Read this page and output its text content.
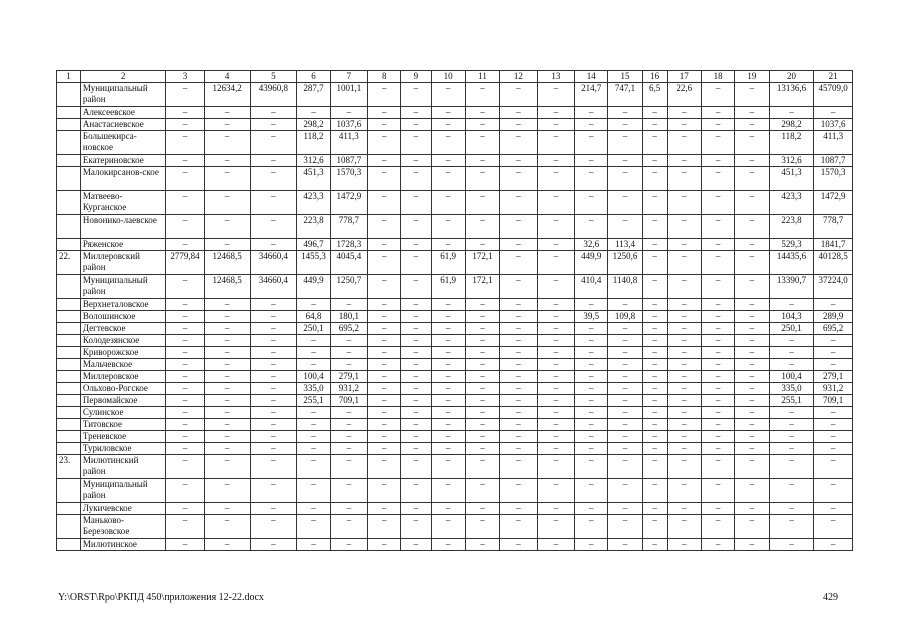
1	2	3	4	5	6	7	8	9	10	11	12	13	14	15	16	17	18	19	20	21
	Муниципальный район	–	12634,2	43960,8	287,7	1001,1	–	–	–	–	–	–	214,7	747,1	6,5	22,6	–	–	13136,6	45709,0
	Алексеевское	–	–	–	–	–	–	–	–	–	–	–	–	–	–	–	–	–	–	–
	Анастасиевское	–	–	–	298,2	1037,6	–	–	–	–	–	–	–	–	–	–	–	–	298,2	1037,6
	Большекирса-новское	–	–	–	118,2	411,3	–	–	–	–	–	–	–	–	–	–	–	–	118,2	411,3
	Екатериновское	–	–	–	312,6	1087,7	–	–	–	–	–	–	–	–	–	–	–	–	312,6	1087,7
	Малокирсанов-ское	–	–	–	451,3	1570,3	–	–	–	–	–	–	–	–	–	–	–	–	451,3	1570,3
	Матвеево-Курганское	–	–	–	423,3	1472,9	–	–	–	–	–	–	–	–	–	–	–	–	423,3	1472,9
	Новонико-лаевское	–	–	–	223,8	778,7	–	–	–	–	–	–	–	–	–	–	–	–	223,8	778,7
	Ряженское	–	–	–	496,7	1728,3	–	–	–	–	–	–	32,6	113,4	–	–	–	–	529,3	1841,7
22.	Миллеровский район	2779,84	12468,5	34660,4	1455,3	4045,4	–	–	61,9	172,1	–	–	449,9	1250,6	–	–	–	–	14435,6	40128,5
	Муниципальный район	–	12468,5	34660,4	449,9	1250,7	–	–	61,9	172,1	–	–	410,4	1140,8	–	–	–	–	13390,7	37224,0
	Верхнеталовское	–	–	–	–	–	–	–	–	–	–	–	–	–	–	–	–	–	–	–
	Волошинское	–	–	–	64,8	180,1	–	–	–	–	–	–	39,5	109,8	–	–	–	–	104,3	289,9
	Дегтевское	–	–	–	250,1	695,2	–	–	–	–	–	–	–	–	–	–	–	–	250,1	695,2
	Колодезянское	–	–	–	–	–	–	–	–	–	–	–	–	–	–	–	–	–	–	–
	Криворожское	–	–	–	–	–	–	–	–	–	–	–	–	–	–	–	–	–	–	–
	Мальчевское	–	–	–	–	–	–	–	–	–	–	–	–	–	–	–	–	–	–	–
	Миллеровское	–	–	–	100,4	279,1	–	–	–	–	–	–	–	–	–	–	–	–	100,4	279,1
	Ольхово-Рогское	–	–	–	335,0	931,2	–	–	–	–	–	–	–	–	–	–	–	–	335,0	931,2
	Первомайское	–	–	–	255,1	709,1	–	–	–	–	–	–	–	–	–	–	–	–	255,1	709,1
	Сулинское	–	–	–	–	–	–	–	–	–	–	–	–	–	–	–	–	–	–	–
	Титовское	–	–	–	–	–	–	–	–	–	–	–	–	–	–	–	–	–	–	–
	Треневское	–	–	–	–	–	–	–	–	–	–	–	–	–	–	–	–	–	–	–
	Туриловское	–	–	–	–	–	–	–	–	–	–	–	–	–	–	–	–	–	–	–
23.	Милютинский район	–	–	–	–	–	–	–	–	–	–	–	–	–	–	–	–	–	–	–
	Муниципальный район	–	–	–	–	–	–	–	–	–	–	–	–	–	–	–	–	–	–	–
	Лукичевское	–	–	–	–	–	–	–	–	–	–	–	–	–	–	–	–	–	–	–
	Маньково-Березовское	–	–	–	–	–	–	–	–	–	–	–	–	–	–	–	–	–	–	–
	Милютинское	–	–	–	–	–	–	–	–	–	–	–	–	–	–	–	–	–	–	–
Y:\ORST\Rpo\РКПД 450\приложения 12-22.docx	429
